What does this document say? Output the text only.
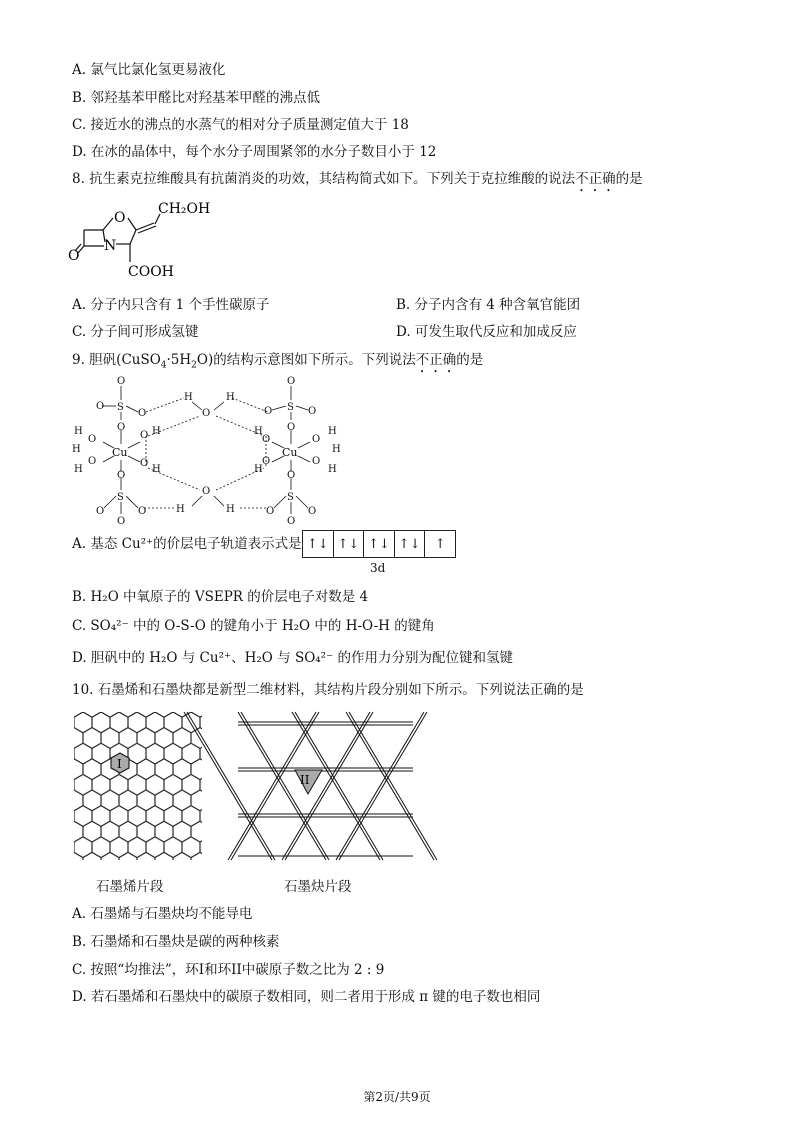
A. 氯气比氯化氢更易液化
B. 邻羟基苯甲醛比对羟基苯甲醛的沸点低
C. 接近水的沸点的水蒸气的相对分子质量测定值大于 18
D. 在冰的晶体中，每个水分子周围紧邻的水分子数目小于 12
8. 抗生素克拉维酸具有抗菌消炎的功效，其结构简式如下。下列关于克拉维酸的说法不正确的是
O
N
O
CH₂OH
COOH
A. 分子内只含有 1 个手性碳原子	B. 分子内含有 4 种含氧官能团
C. 分子间可形成氢键	D. 可发生取代反应和加成反应
9. 胆矾$(CuSO_4\cdot 5H_2O)$的结构示意图如下所示。下列说法不正确的是
O
O S
O
O
O
O S O
O
H
O
H
Cu	Cu
H
O
H
O
H
O H
O
H
H
O
H
O
O
H
H
O
H
O
S
O	O
O
O
S
O	O
O
H
O
H
A. 基态 Cu²⁺的价层电子轨道表示式是 ↑↓ ↑↓ ↑↓ ↑↓	↑
3d
B. H₂O 中氧原子的 VSEPR 的价层电子对数是 4
C. SO₄²⁻ 中的 O-S-O 的键角小于 H₂O 中的 H-O-H 的键角
D. 胆矾中的 H₂O 与 Cu²⁺、H₂O 与 SO₄²⁻ 的作用力分别为配位键和氢键
10. 石墨烯和石墨炔都是新型二维材料，其结构片段分别如下所示。下列说法正确的是
I
II
石墨烯片段	石墨炔片段
A. 石墨烯与石墨炔均不能导电
B. 石墨烯和石墨炔是碳的两种核素
C. 按照“均推法”，环I和环II中碳原子数之比为 2 : 9
D. 若石墨烯和石墨炔中的碳原子数相同，则二者用于形成 π 键的电子数也相同
第2页/共9页
